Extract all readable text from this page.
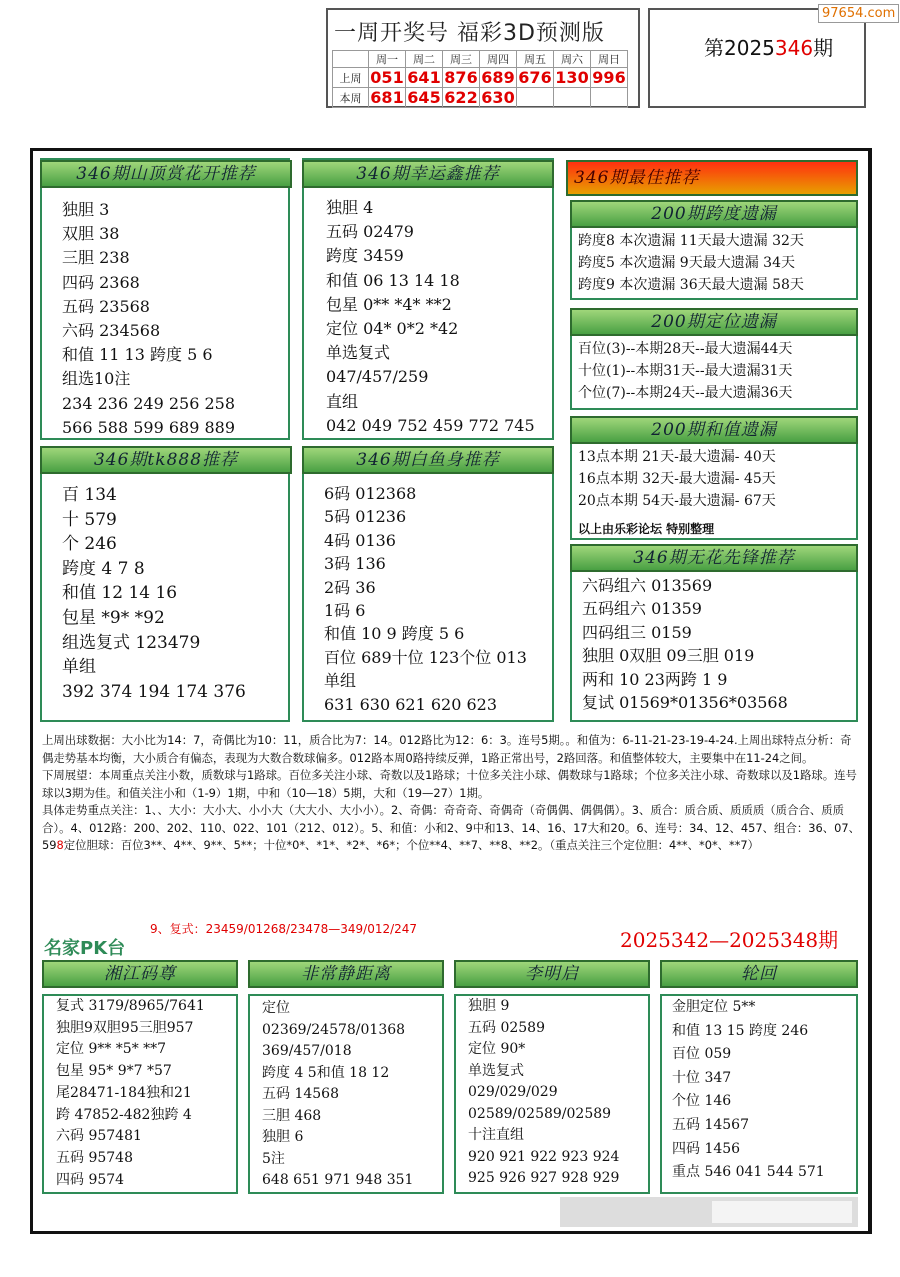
一周开奖号 福彩3D预测版
	周一	周二	周三	周四	周五	周六	周日
上周	051	641	876	689	676	130	996
本周	681	645	622	630			
第2025346期
97654.com
346期山顶赏花开推荐
独胆 3
双胆 38
三胆 238
四码 2368
五码 23568
六码 234568
和值 11 13 跨度 5 6
组选10注
234 236 249 256 258
566 588 599 689 889
346期幸运鑫推荐
独胆 4
五码 02479
跨度 3459
和值 06 13 14 18
包星 0** *4* **2
定位 04* 0*2 *42
单选复式
047/457/259
直组
042 049 752 459 772 745
346期最佳推荐
200期跨度遗漏
跨度8 本次遗漏 11天最大遗漏 32天
跨度5 本次遗漏 9天最大遗漏 34天
跨度9 本次遗漏 36天最大遗漏 58天
200期定位遗漏
百位(3)--本期28天--最大遗漏44天
十位(1)--本期31天--最大遗漏31天
个位(7)--本期24天--最大遗漏36天
200期和值遗漏
13点本期 21天-最大遗漏- 40天
16点本期 32天-最大遗漏- 45天
20点本期 54天-最大遗漏- 67天
以上由乐彩论坛 特别整理
346期tk888推荐
百 134
十 579
个 246
跨度 4 7 8
和值 12 14 16
包星 *9* *92
组选复式 123479
单组
392 374 194 174 376
346期白鱼身推荐
6码 012368
5码 01236
4码 0136
3码 136
2码 36
1码 6
和值 10 9 跨度 5 6
百位 689十位 123个位 013
单组
631 630 621 620 623
346期无花先锋推荐
六码组六 013569
五码组六 01359
四码组三 0159
独胆 0双胆 09三胆 019
两和 10 23两跨 1 9
复试 01569*01356*03568

上周出球数据：大小比为14：7，奇偶比为10：11，质合比为7：14。012路比为12：6：3。连号5期。。和值为：6-11-21-23-19-4-24.上周出球特点分析：奇偶走势基本均衡，大小质合有偏态，表现为大数合数球偏多。012路本周0路持续反弹，1路正常出号，2路回落。和值整体较大，主要集中在11-24之间。

下周展望：本周重点关注小数，质数球与1路球。百位多关注小球、奇数以及1路球；十位多关注小球、偶数球与1路球；个位多关注小球、奇数球以及1路球。连号球以3期为佳。和值关注小和（1-9）1期，中和（10—18）5期，大和（19—27）1期。

具体走势重点关注：1、、大小：大小大、小小大（大大小、大小小）。2、奇偶：奇奇奇、奇偶奇（奇偶偶、偶偶偶）。3、质合：质合质、质质质（质合合、质质合）。4、012路：200、202、110、022、101（212、012）。5、和值：小和2、9中和13、14、16、17大和20。6、连号：34、12、457、组合：36、07、598定位胆球：百位3**、4**、9**、5**；十位*0*、*1*、*2*、*6*；个位**4、**7、**8、**2。（重点关注三个定位胆：4**、*0*、**7）

9、复式：23459/01268/23478—349/012/247
名家PK台	2025342—2025348期
湘江码尊
复式 3179/8965/7641
独胆9双胆95三胆957
定位 9** *5* **7
包星 95* 9*7 *57
尾28471-184独和21
跨 47852-482独跨 4
六码 957481
五码 95748
四码 9574
非常静距离
定位
02369/24578/01368
369/457/018
跨度 4 5和值 18 12
五码 14568
三胆 468
独胆 6
5注
648 651 971 948 351
李明启
独胆 9
五码 02589
定位 90*
单选复式
029/029/029
02589/02589/02589
十注直组
920 921 922 923 924
925 926 927 928 929
轮回
金胆定位 5**
和值 13 15 跨度 246
百位 059
十位 347
个位 146
五码 14567
四码 1456
重点 546 041 544 571
